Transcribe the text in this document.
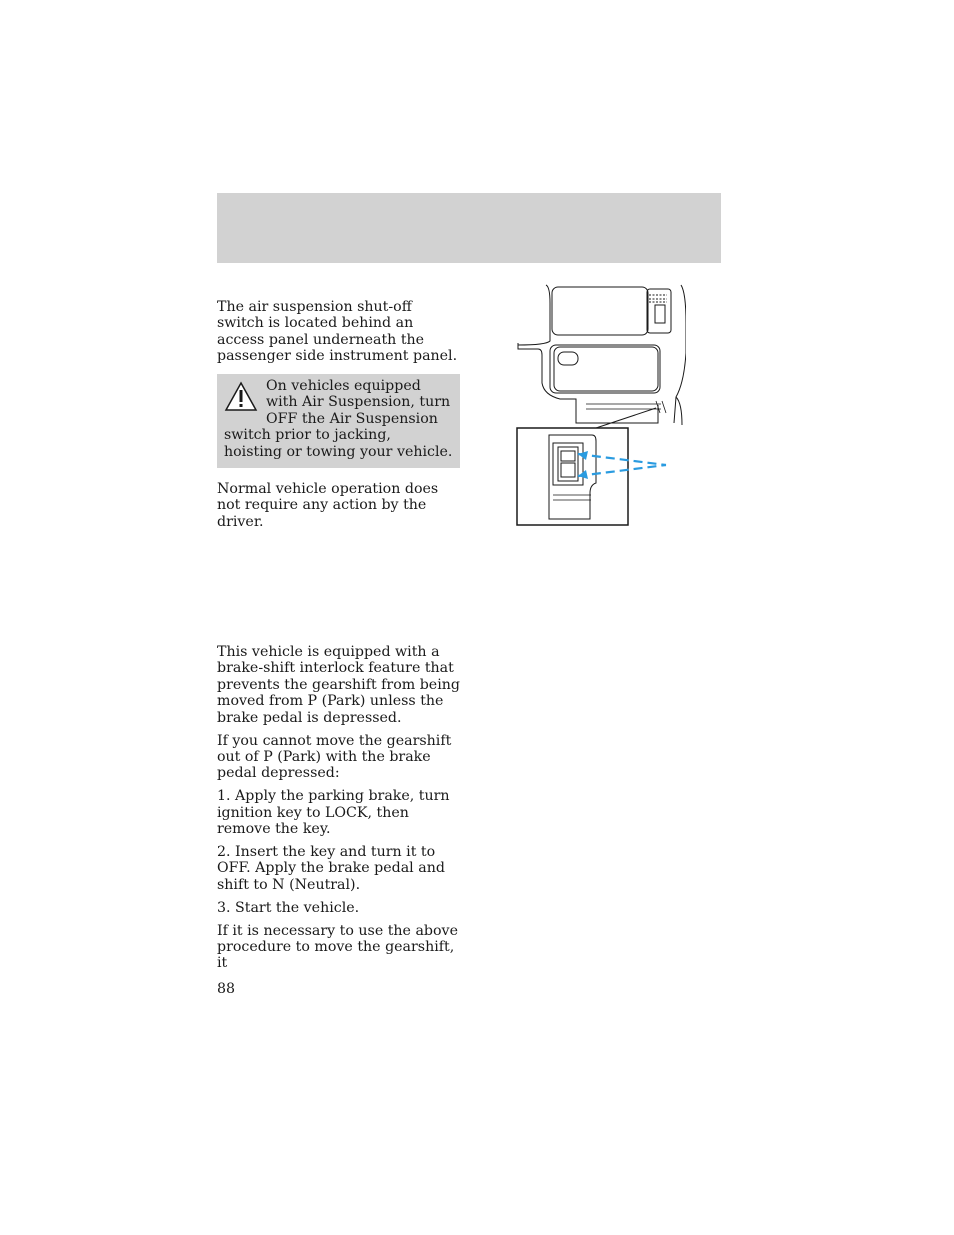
The air suspension shut-off switch is located behind an access panel underneath the passenger side instrument panel.

On vehicles equipped with Air Suspension, turn OFF the Air Suspension switch prior to jacking, hoisting or towing your vehicle.

Normal vehicle operation does not require any action by the driver.

This vehicle is equipped with a brake-shift interlock feature that prevents the gearshift from being moved from P (Park) unless the brake pedal is depressed.

If you cannot move the gearshift out of P (Park) with the brake pedal depressed:

1. Apply the parking brake, turn ignition key to LOCK, then remove the key.

2. Insert the key and turn it to OFF. Apply the brake pedal and shift to N (Neutral).

3. Start the vehicle.

If it is necessary to use the above procedure to move the gearshift, it

88
